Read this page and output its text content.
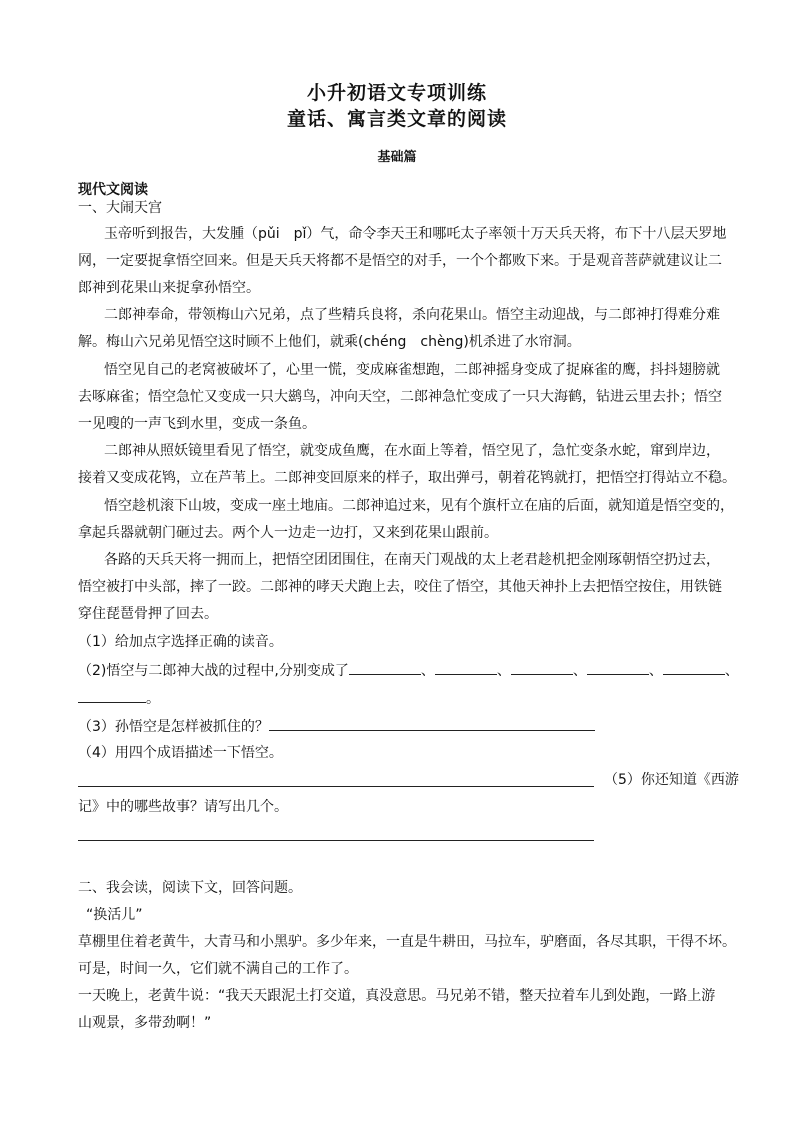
小升初语文专项训练
童话、寓言类文章的阅读
基础篇
现代文阅读
一、大闹天宫
玉帝听到报告，大发腫（pǔi　pǐ）气，命令李天王和哪吒太子率领十万天兵天将，布下十八层天罗地
网，一定要捉拿悟空回来。但是天兵天将都不是悟空的对手，一个个都败下来。于是观音菩萨就建议让二
郎神到花果山来捉拿孙悟空。
二郎神奉命，带领梅山六兄弟，点了些精兵良将，杀向花果山。悟空主动迎战，与二郎神打得难分难
解。梅山六兄弟见悟空这时顾不上他们，就乘(chéng　chèng)机杀进了水帘洞。
悟空见自己的老窝被破坏了，心里一慌，变成麻雀想跑，二郎神摇身变成了捉麻雀的鹰，抖抖翅膀就
去啄麻雀；悟空急忙又变成一只大鹚鸟，冲向天空，二郎神急忙变成了一只大海鹤，钻进云里去扑；悟空
一见嗖的一声飞到水里，变成一条鱼。
二郎神从照妖镜里看见了悟空，就变成鱼鹰，在水面上等着，悟空见了，急忙变条水蛇，窜到岸边，
接着又变成花鸨，立在芦苇上。二郎神变回原来的样子，取出弹弓，朝着花鸨就打，把悟空打得站立不稳。
悟空趁机滚下山坡，变成一座土地庙。二郎神追过来，见有个旗杆立在庙的后面，就知道是悟空变的，
拿起兵器就朝门砸过去。两个人一边走一边打，又来到花果山跟前。
各路的天兵天将一拥而上，把悟空团团围住，在南天门观战的太上老君趁机把金刚琢朝悟空扔过去，
悟空被打中头部，摔了一跤。二郎神的哮天犬跑上去，咬住了悟空，其他天神扑上去把悟空按住，用铁链
穿住琵琶骨押了回去。
（1）给加点字选择正确的读音。
（2)悟空与二郎神大战的过程中,分别变成了	、	、	、	、	、
。
（3）孙悟空是怎样被抓住的？
（4）用四个成语描述一下悟空。
（5）你还知道《西游
记》中的哪些故事？请写出几个。
二、我会读，阅读下文，回答问题。
“换活儿”
草棚里住着老黄牛，大青马和小黑驴。多少年来，一直是牛耕田，马拉车，驴磨面，各尽其职，干得不坏。
可是，时间一久，它们就不满自己的工作了。
一天晚上，老黄牛说：“我天天跟泥土打交道，真没意思。马兄弟不错，整天拉着车儿到处跑，一路上游
山观景，多带劲啊！”
